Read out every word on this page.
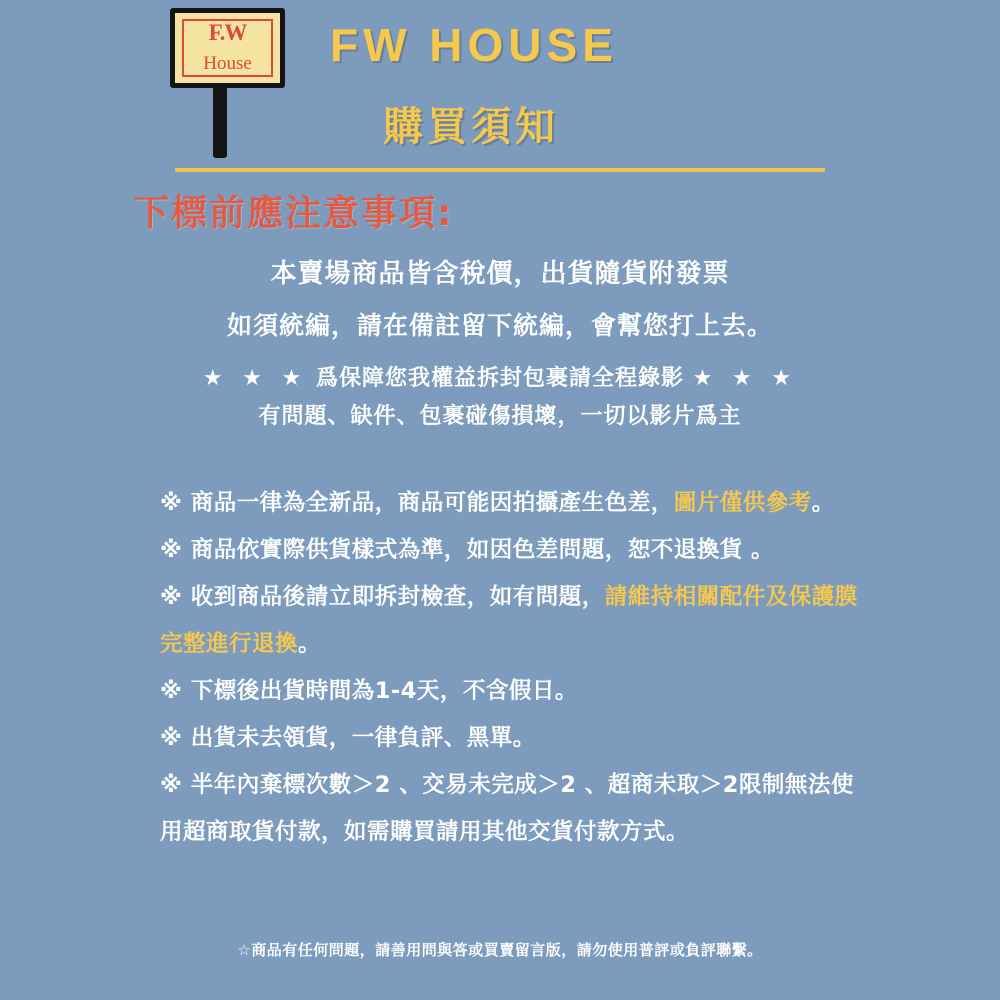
F.W
House	FW HOUSE
購買須知
下標前應注意事項:
本賣場商品皆含稅價，出貨隨貨附發票
如須統編，請在備註留下統編，會幫您打上去。
★ ★ ★ 爲保障您我權益拆封包裹請全程錄影 ★ ★ ★
有問題、缺件、包裹碰傷損壞，一切以影片爲主
※ 商品一律為全新品，商品可能因拍攝產生色差，圖片僅供參考。
※ 商品依實際供貨樣式為準，如因色差問題，恕不退換貨 。
※ 收到商品後請立即拆封檢查，如有問題，請維持相關配件及保護膜完整進行退換。
※ 下標後出貨時間為1-4天，不含假日。
※ 出貨未去領貨，一律負評、黑單。
※ 半年內棄標次數＞2 、交易未完成＞2 、超商未取＞2限制無法使用超商取貨付款，如需購買請用其他交貨付款方式。
☆商品有任何問題，請善用問與答或買賣留言版，請勿使用普評或負評聯繫。
